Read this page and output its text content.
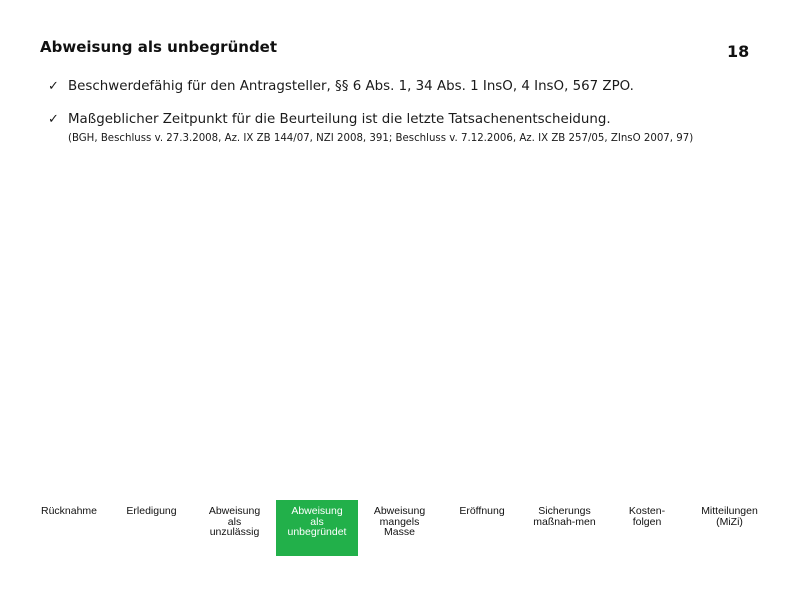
Abweisung als unbegründet	18
✓ Beschwerdefähig für den Antragsteller, §§ 6 Abs. 1, 34 Abs. 1 InsO, 4 InsO, 567 ZPO.
✓ Maßgeblicher Zeitpunkt für die Beurteilung ist die letzte Tatsachenentscheidung.
(BGH, Beschluss v. 27.3.2008, Az. IX ZB 144/07, NZI 2008, 391; Beschluss v. 7.12.2006, Az. IX ZB 257/05, ZInsO 2007, 97)
Rücknahme	Erledigung	Abweisung
als
unzulässig
Abweisung
als
unbegründet
Abweisung
mangels
Masse
Eröffnung	Sicherungs
maßnah-men
Kosten-
folgen
Mitteilungen
(MiZi)
